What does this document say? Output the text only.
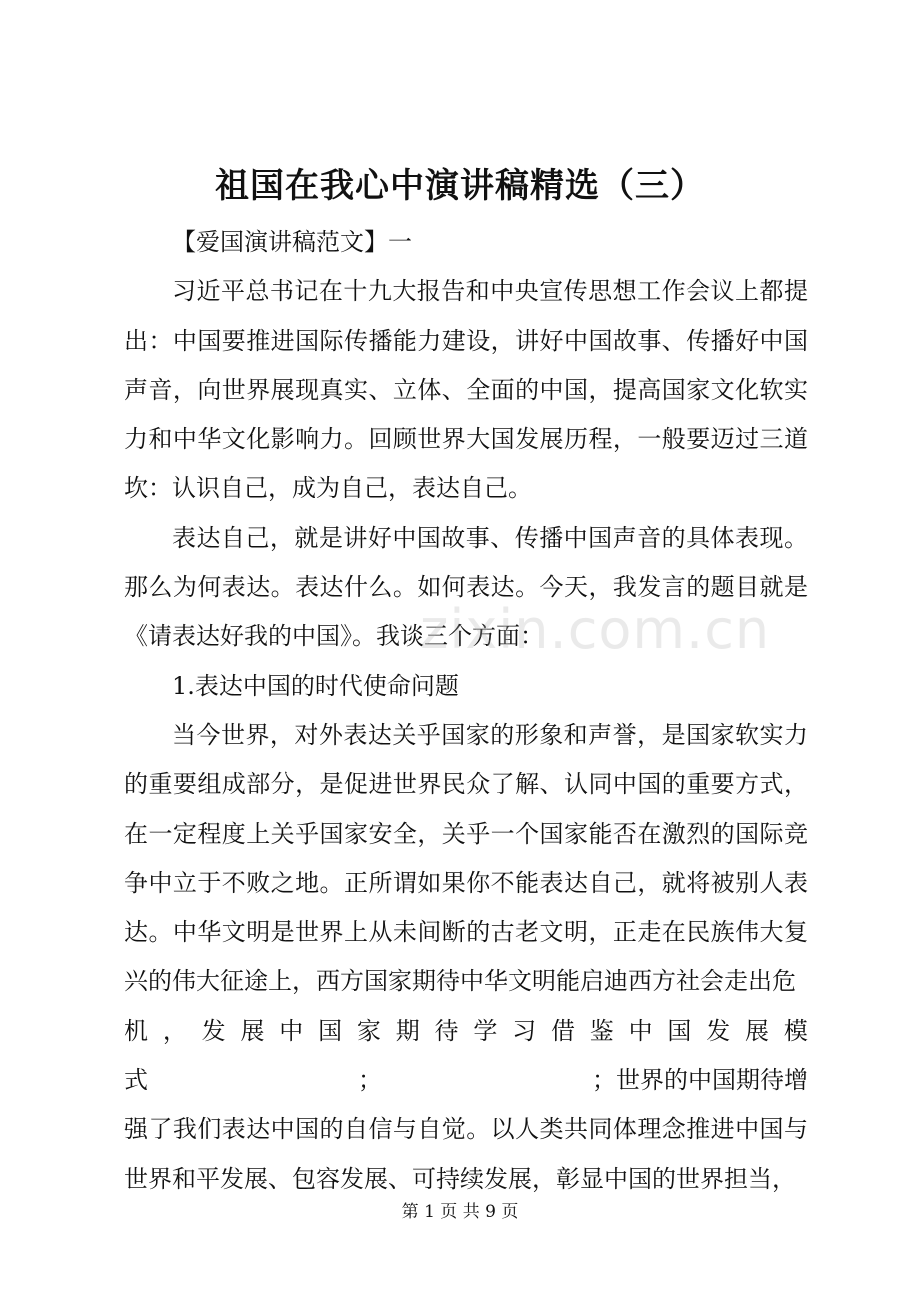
祖国在我心中演讲稿精选（三）

【爱国演讲稿范文】一

习近平总书记在十九大报告和中央宣传思想工作会议上都提出：中国要推进国际传播能力建设，讲好中国故事、传播好中国声音，向世界展现真实、立体、全面的中国，提高国家文化软实力和中华文化影响力。回顾世界大国发展历程，一般要迈过三道坎：认识自己，成为自己，表达自己。

表达自己，就是讲好中国故事、传播中国声音的具体表现。那么为何表达。表达什么。如何表达。今天，我发言的题目就是《请表达好我的中国》。我谈三个方面：

1.表达中国的时代使命问题

当今世界，对外表达关乎国家的形象和声誉，是国家软实力的重要组成部分，是促进世界民众了解、认同中国的重要方式，在一定程度上关乎国家安全，关乎一个国家能否在激烈的国际竞争中立于不败之地。正所谓如果你不能表达自己，就将被别人表达。中华文明是世界上从未间断的古老文明，正走在民族伟大复兴的伟大征途上，西方国家期待中华文明能启迪西方社会走出危

机 ， 发 展 中 国 家 期 待 学 习 借 鉴 中 国 发 展 模
式	；	；世界的中国期待增

强了我们表达中国的自信与自觉。以人类共同体理念推进中国与世界和平发展、包容发展、可持续发展，彰显中国的世界担当，

zixin.com.cn
第 1 页 共 9 页
